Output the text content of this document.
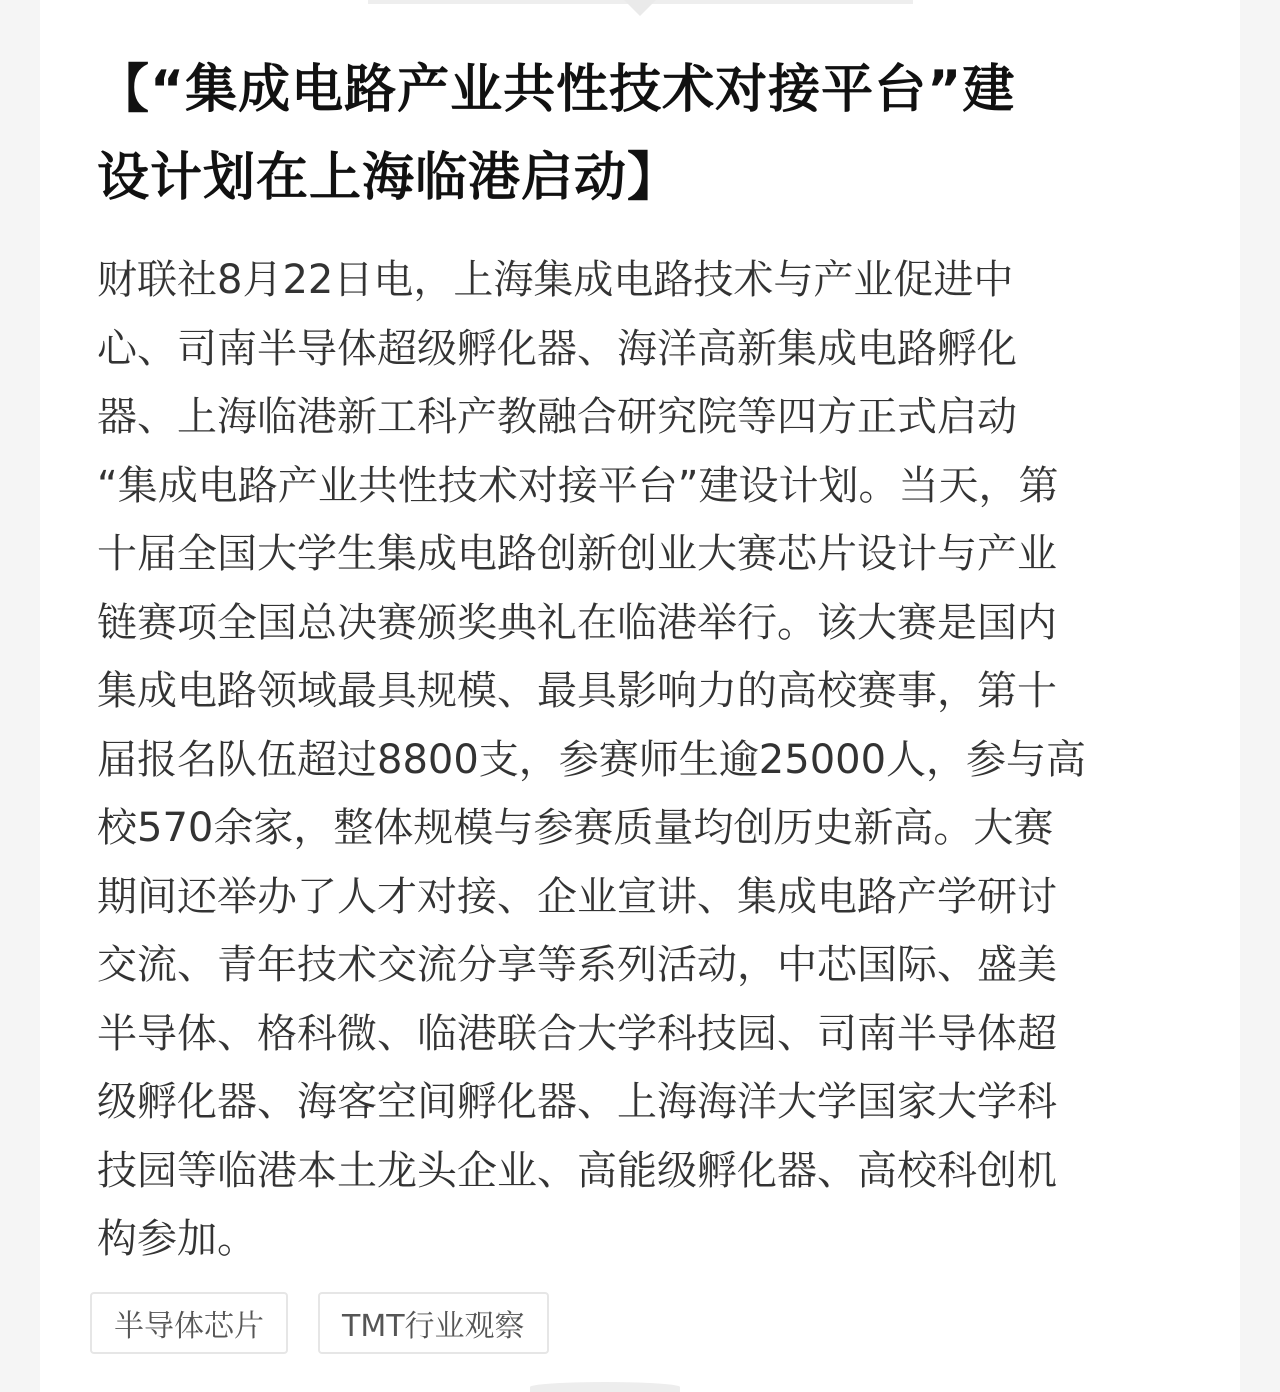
【“集成电路产业共性技术对接平台”建
设计划在上海临港启动】

财联社8月22日电，上海集成电路技术与产业促进中
心、司南半导体超级孵化器、海洋高新集成电路孵化
器、上海临港新工科产教融合研究院等四方正式启动
“集成电路产业共性技术对接平台”建设计划。当天，第
十届全国大学生集成电路创新创业大赛芯片设计与产业
链赛项全国总决赛颁奖典礼在临港举行。该大赛是国内
集成电路领域最具规模、最具影响力的高校赛事，第十
届报名队伍超过8800支，参赛师生逾25000人，参与高
校570余家，整体规模与参赛质量均创历史新高。大赛
期间还举办了人才对接、企业宣讲、集成电路产学研讨
交流、青年技术交流分享等系列活动，中芯国际、盛美
半导体、格科微、临港联合大学科技园、司南半导体超
级孵化器、海客空间孵化器、上海海洋大学国家大学科
技园等临港本土龙头企业、高能级孵化器、高校科创机
构参加。

半导体芯片	TMT行业观察
